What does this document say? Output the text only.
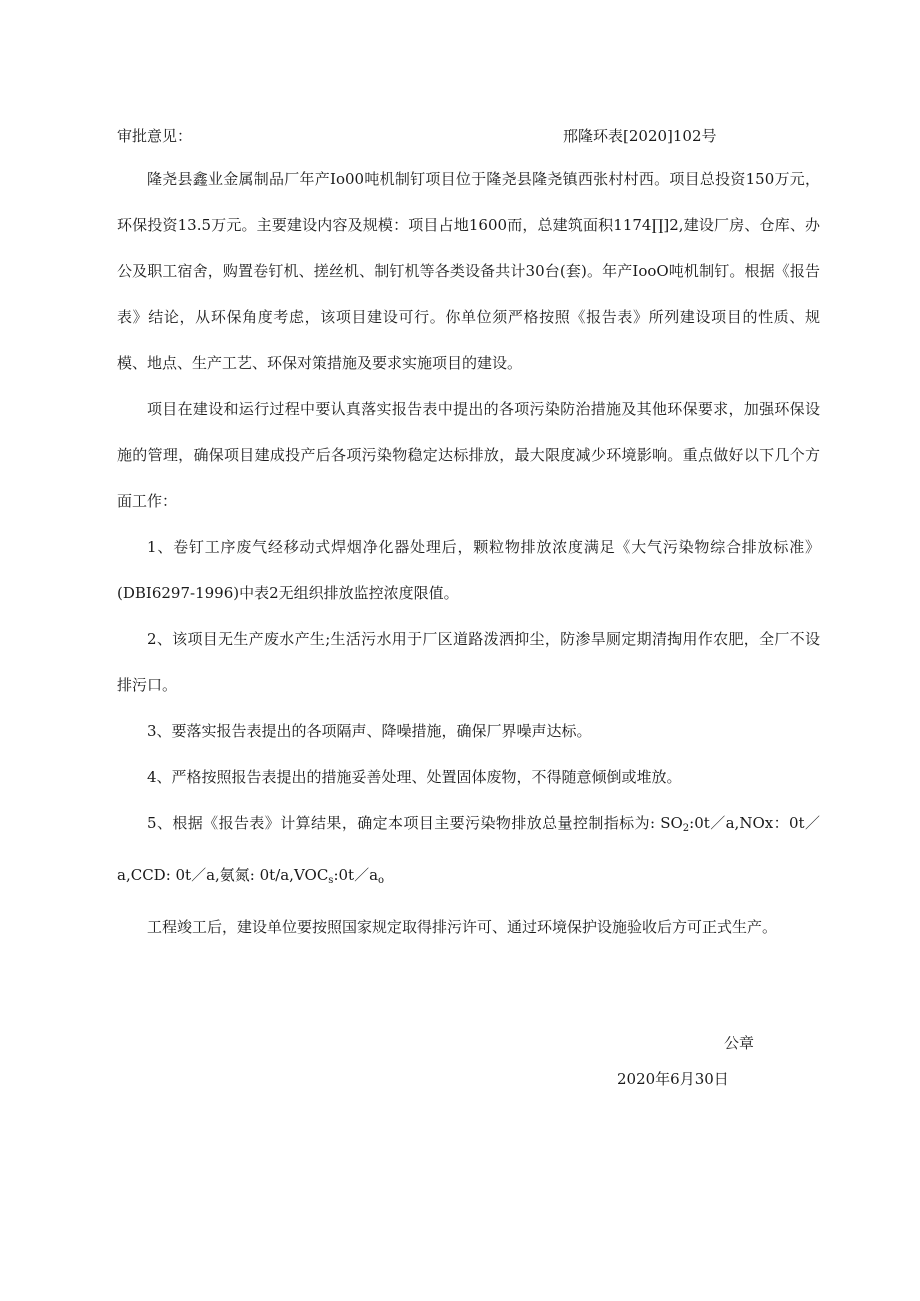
审批意见：	邢隆环表[2020]102号

隆尧县鑫业金属制品厂年产Io00吨机制钉项目位于隆尧县隆尧镇西张村村西。项目总投资150万元，环保投资13.5万元。主要建设内容及规模：项目占地1600而，总建筑面积1174∏]2,建设厂房、仓库、办公及职工宿舍，购置卷钉机、搓丝机、制钉机等各类设备共计30台(套)。年产IooO吨机制钉。根据《报告表》结论，从环保角度考虑，该项目建设可行。你单位须严格按照《报告表》所列建设项目的性质、规模、地点、生产工艺、环保对策措施及要求实施项目的建设。

项目在建设和运行过程中要认真落实报告表中提出的各项污染防治措施及其他环保要求，加强环保设施的管理，确保项目建成投产后各项污染物稳定达标排放，最大限度减少环境影响。重点做好以下几个方面工作：

1、卷钉工序废气经移动式焊烟净化器处理后，颗粒物排放浓度满足《大气污染物综合排放标准》(DBI6297-1996)中表2无组织排放监控浓度限值。

2、该项目无生产废水产生;生活污水用于厂区道路泼洒抑尘，防渗旱厕定期清掏用作农肥，全厂不设排污口。

3、要落实报告表提出的各项隔声、降噪措施，确保厂界噪声达标。

4、严格按照报告表提出的措施妥善处理、处置固体废物，不得随意倾倒或堆放。

5、根据《报告表》计算结果，确定本项目主要污染物排放总量控制指标为: $SO_2:0t/a,NOx$：0t／a,CCD: 0t／a,氨氮: $0t/a,VOC_s:0t/a_o$

工程竣工后，建设单位要按照国家规定取得排污许可、通过环境保护设施验收后方可正式生产。

公章
2020年6月30日
